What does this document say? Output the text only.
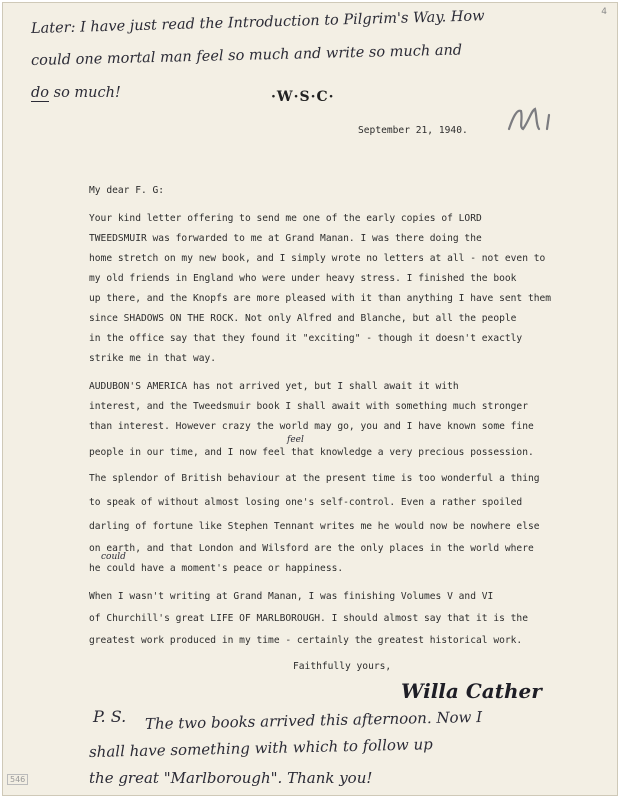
4
Later: I have just read the Introduction to Pilgrim's Way. How
could one mortal man feel so much and write so much and
do so much!	·W·S·C·
September 21, 1940.
My dear F. G:
Your kind letter offering to send me one of the early copies of LORD
TWEEDSMUIR was forwarded to me at Grand Manan. I was there doing the
home stretch on my new book, and I simply wrote no letters at all - not even to
my old friends in England who were under heavy stress. I finished the book
up there, and the Knopfs are more pleased with it than anything I have sent them
since SHADOWS ON THE ROCK. Not only Alfred and Blanche, but all the people
in the office say that they found it "exciting" - though it doesn't exactly
strike me in that way.
AUDUBON'S AMERICA has not arrived yet, but I shall await it with
interest, and the Tweedsmuir book I shall await with something much stronger
than interest. However crazy the world may go, you and I have known some fine
people in our time, and I now feel that knowledge a very precious possession.
The splendor of British behaviour at the present time is too wonderful a thing
to speak of without almost losing one's self-control. Even a rather spoiled
darling of fortune like Stephen Tennant writes me he would now be nowhere else
on earth, and that London and Wilsford are the only places in the world where
he could have a moment's peace or happiness.
When I wasn't writing at Grand Manan, I was finishing Volumes V and VI
of Churchill's great LIFE OF MARLBOROUGH. I should almost say that it is the
greatest work produced in my time - certainly the greatest historical work.
feel
could
Faithfully yours,
Willa Cather
P. S. The two books arrived this afternoon. Now I
shall have something with which to follow up
the great "Marlborough". Thank you!
546
